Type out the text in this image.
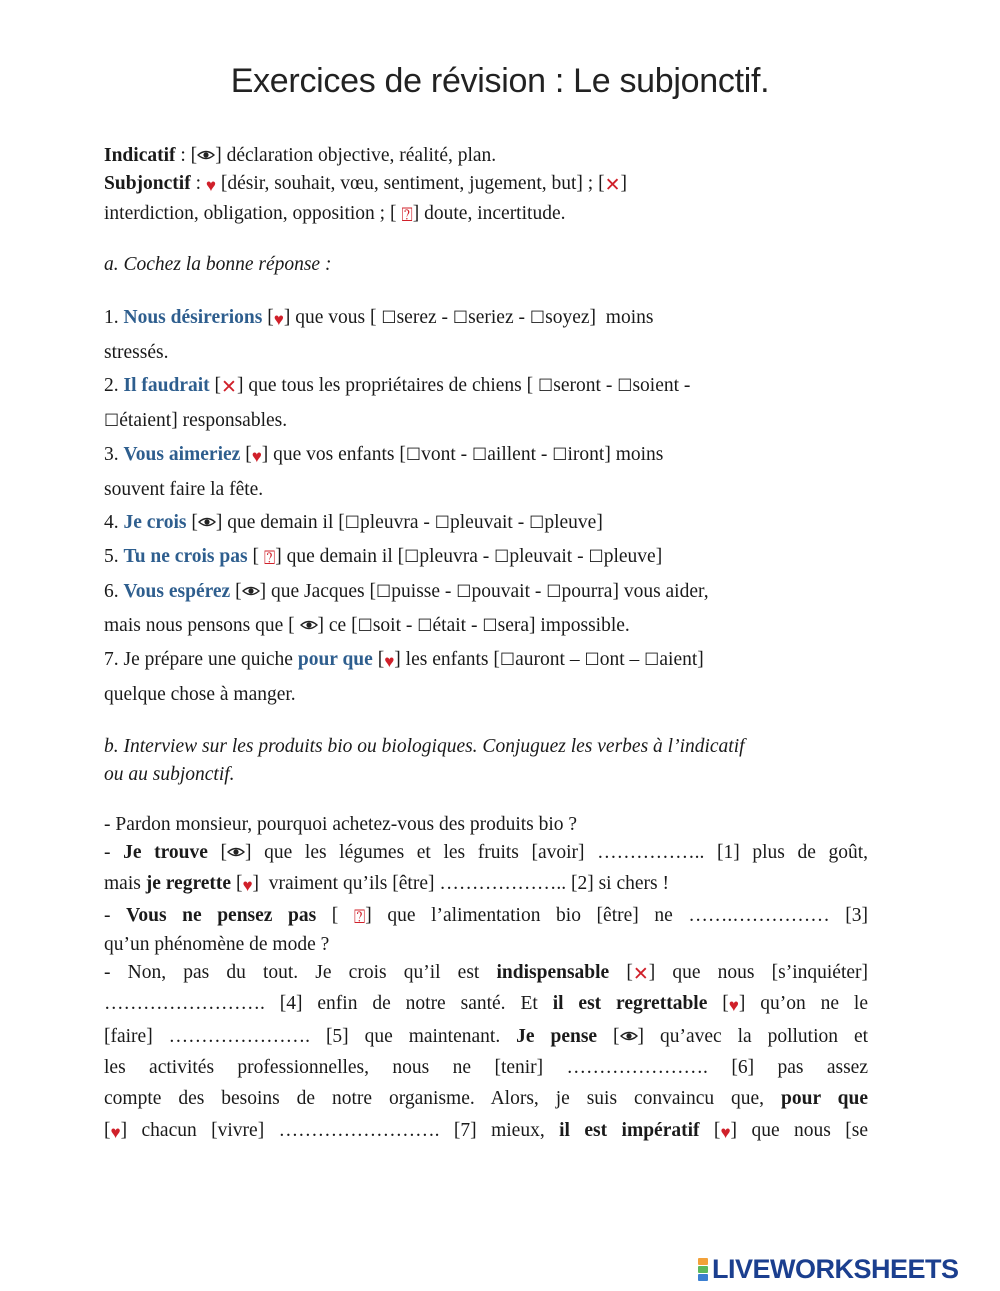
Exercices de révision : Le subjonctif.
Indicatif : [ ] déclaration objective, réalité, plan.
Subjonctif : ♥ [désir, souhait, vœu, sentiment, jugement, but] ; [✕]
interdiction, obligation, opposition ; [ ⍰] doute, incertitude.
a. Cochez la bonne réponse :
1. Nous désirerions [♥] que vous [ ☐serez - ☐seriez - ☐soyez]  moins
stressés.
2. Il faudrait [✕] que tous les propriétaires de chiens [ ☐seront - ☐soient -
☐étaient] responsables.
3. Vous aimeriez [♥] que vos enfants [☐vont - ☐aillent - ☐iront] moins
souvent faire la fête.
4. Je crois [ ] que demain il [☐pleuvra - ☐pleuvait - ☐pleuve]
5. Tu ne crois pas [ ⍰] que demain il [☐pleuvra - ☐pleuvait - ☐pleuve]
6. Vous espérez [ ] que Jacques [☐puisse - ☐pouvait - ☐pourra] vous aider,
mais nous pensons que [ ] ce [☐soit - ☐était - ☐sera] impossible.
7. Je prépare une quiche pour que [♥] les enfants [☐auront – ☐ont – ☐aient]
quelque chose à manger.
b. Interview sur les produits bio ou biologiques. Conjuguez les verbes à l’indicatif
ou au subjonctif.
- Pardon monsieur, pourquoi achetez-vous des produits bio ?
- Je trouve [ ] que les légumes et les fruits [avoir] …………….. [1] plus de goût,
mais je regrette [♥]  vraiment qu’ils [être] ……………….. [2] si chers !
- Vous ne pensez pas [ ⍰] que l’alimentation bio [être] ne …….…………… [3]
qu’un phénomène de mode ?
- Non, pas du tout. Je crois qu’il est indispensable [✕] que nous [s’inquiéter]
……………………. [4] enfin de notre santé. Et il est regrettable [♥] qu’on ne le
[faire] …………………. [5] que maintenant. Je pense [ ] qu’avec la pollution et
les activités professionnelles, nous ne [tenir] …………………. [6] pas assez
compte des besoins de notre organisme. Alors, je suis convaincu que, pour que
[♥] chacun [vivre] ……………………. [7] mieux, il est impératif [♥] que nous [se
LIVEWORKSHEETS
